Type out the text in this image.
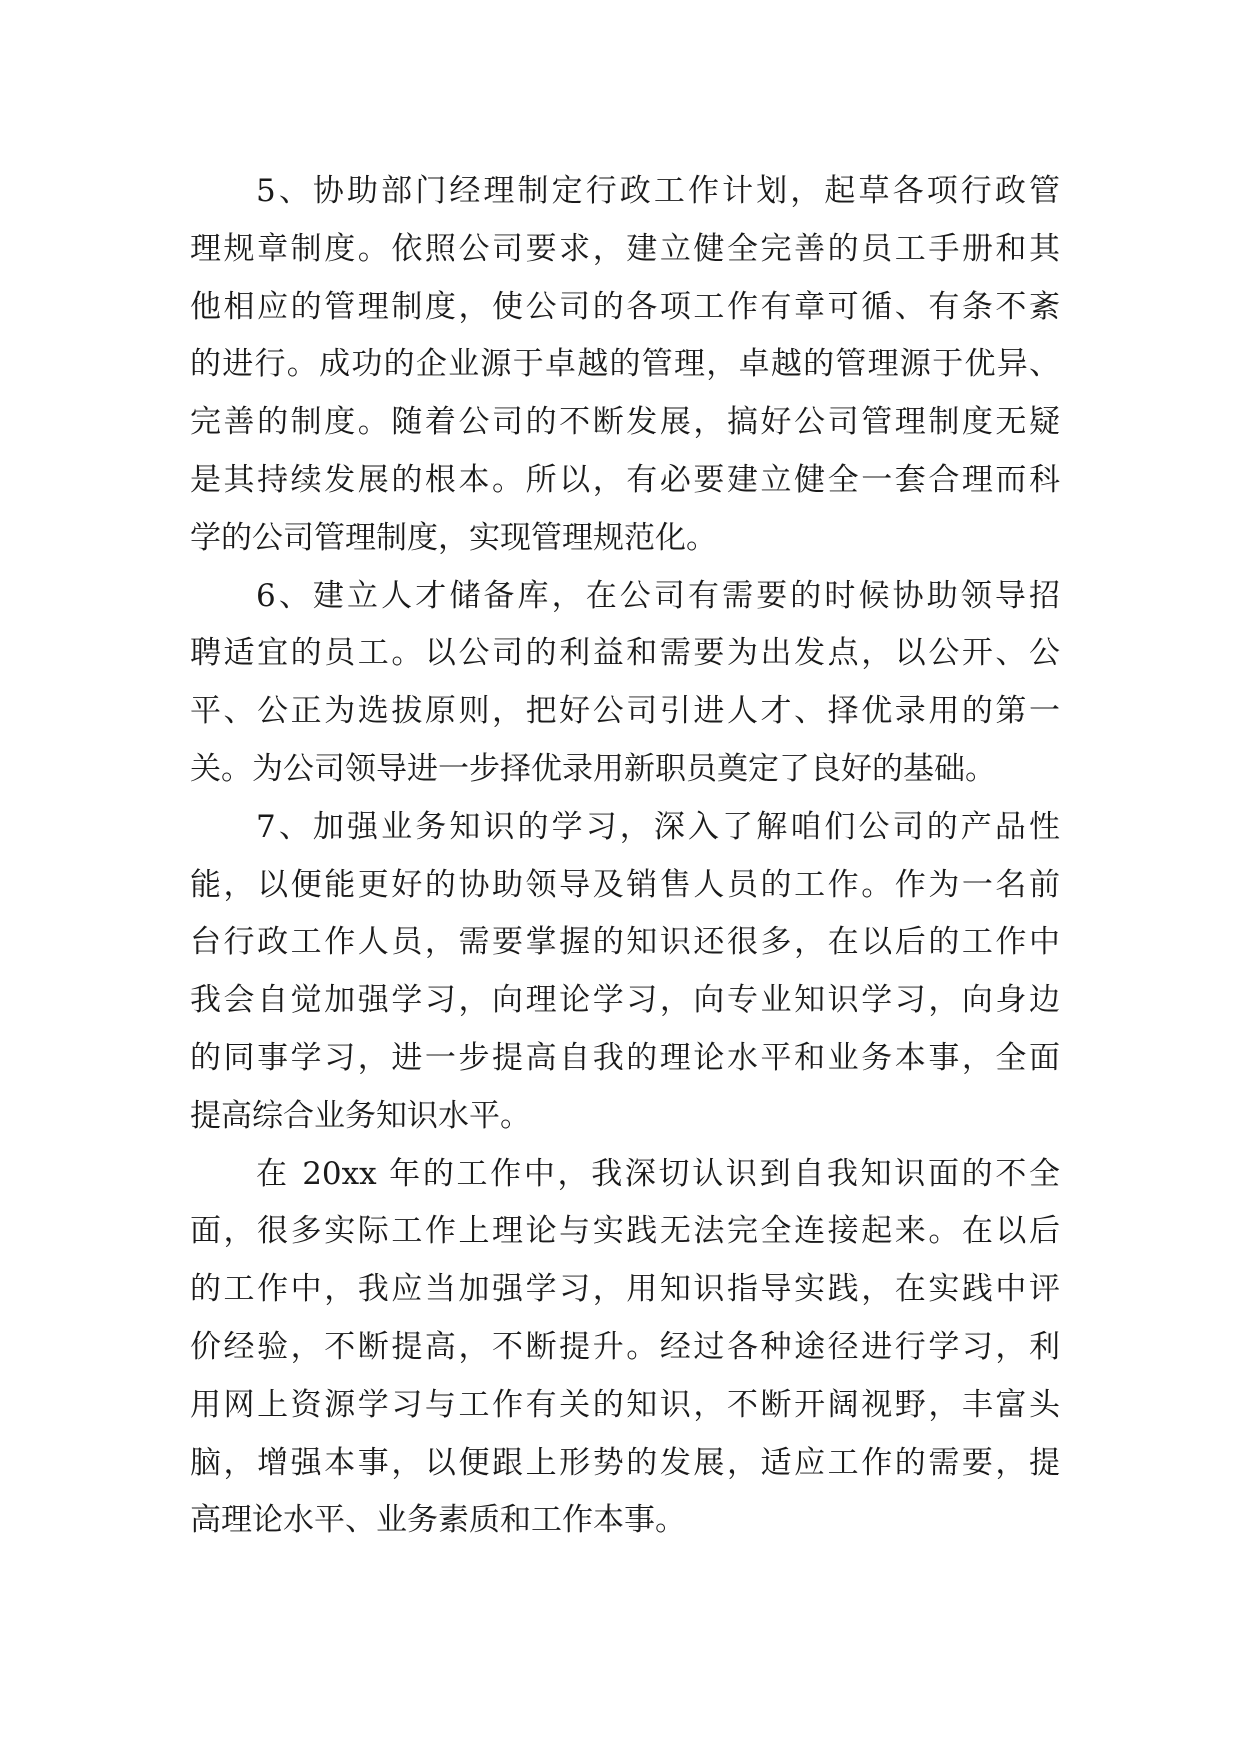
5、协助部门经理制定行政工作计划，起草各项行政管
理规章制度。依照公司要求，建立健全完善的员工手册和其
他相应的管理制度，使公司的各项工作有章可循、有条不紊
的进行。成功的企业源于卓越的管理，卓越的管理源于优异、
完善的制度。随着公司的不断发展，搞好公司管理制度无疑
是其持续发展的根本。所以，有必要建立健全一套合理而科
学的公司管理制度，实现管理规范化。
6、建立人才储备库，在公司有需要的时候协助领导招
聘适宜的员工。以公司的利益和需要为出发点，以公开、公
平、公正为选拔原则，把好公司引进人才、择优录用的第一
关。为公司领导进一步择优录用新职员奠定了良好的基础。
7、加强业务知识的学习，深入了解咱们公司的产品性
能，以便能更好的协助领导及销售人员的工作。作为一名前
台行政工作人员，需要掌握的知识还很多，在以后的工作中
我会自觉加强学习，向理论学习，向专业知识学习，向身边
的同事学习，进一步提高自我的理论水平和业务本事，全面
提高综合业务知识水平。
在 20xx 年的工作中，我深切认识到自我知识面的不全
面，很多实际工作上理论与实践无法完全连接起来。在以后
的工作中，我应当加强学习，用知识指导实践，在实践中评
价经验，不断提高，不断提升。经过各种途径进行学习，利
用网上资源学习与工作有关的知识，不断开阔视野，丰富头
脑，增强本事，以便跟上形势的发展，适应工作的需要，提
高理论水平、业务素质和工作本事。
